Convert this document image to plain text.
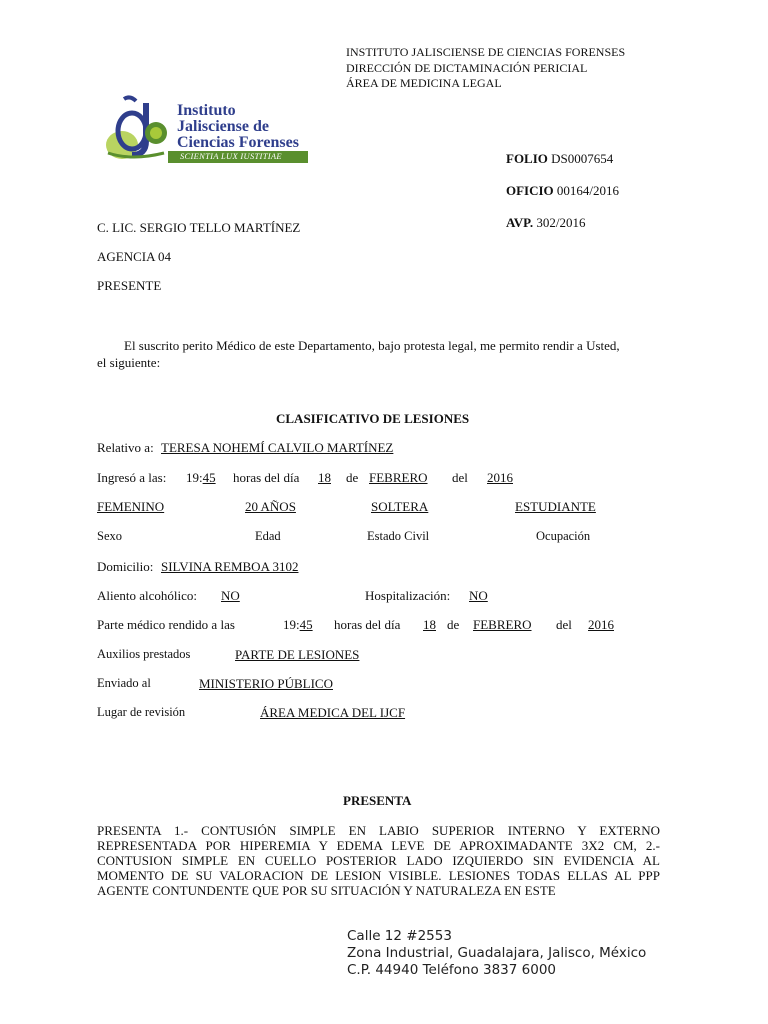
INSTITUTO JALISCIENSE DE CIENCIAS FORENSES
DIRECCIÓN DE DICTAMINACIÓN PERICIAL
ÁREA DE MEDICINA LEGAL
Instituto
Jalisciense de
Ciencias Forenses
SCIENTIA LUX IUSTITIAE	FOLIO DS0007654
OFICIO 00164/2016
AVP. 302/2016
C. LIC. SERGIO TELLO MARTÍNEZ
AGENCIA 04
PRESENTE
El suscrito perito Médico de este Departamento, bajo protesta legal, me permito rendir a Usted,
el siguiente:
CLASIFICATIVO DE LESIONES
Relativo a: TERESA NOHEMÍ CALVILO MARTÍNEZ
Ingresó a las: 19:45 horas del día 18 de FEBRERO del 2016
FEMENINO	20 AÑOS	SOLTERA	ESTUDIANTE
Sexo	Edad	Estado Civil	Ocupación
Domicilio: SILVINA REMBOA 3102
Aliento alcohólico: NO	Hospitalización: NO
Parte médico rendido a las	19:45 horas del día 18 de FEBRERO del 2016
Auxilios prestados	PARTE DE LESIONES
Enviado al	MINISTERIO PÚBLICO
Lugar de revisión	ÁREA MEDICA DEL IJCF
PRESENTA
PRESENTA 1.- CONTUSIÓN SIMPLE EN LABIO SUPERIOR INTERNO Y EXTERNO REPRESENTADA POR HIPEREMIA Y EDEMA LEVE DE APROXIMADANTE 3X2 CM, 2.- CONTUSION SIMPLE EN CUELLO POSTERIOR LADO IZQUIERDO SIN EVIDENCIA AL MOMENTO DE SU VALORACION DE LESION VISIBLE. LESIONES TODAS ELLAS AL PPP AGENTE CONTUNDENTE QUE POR SU SITUACIÓN Y NATURALEZA EN ESTE
Calle 12 #2553
Zona Industrial, Guadalajara, Jalisco, México
C.P. 44940 Teléfono 3837 6000
